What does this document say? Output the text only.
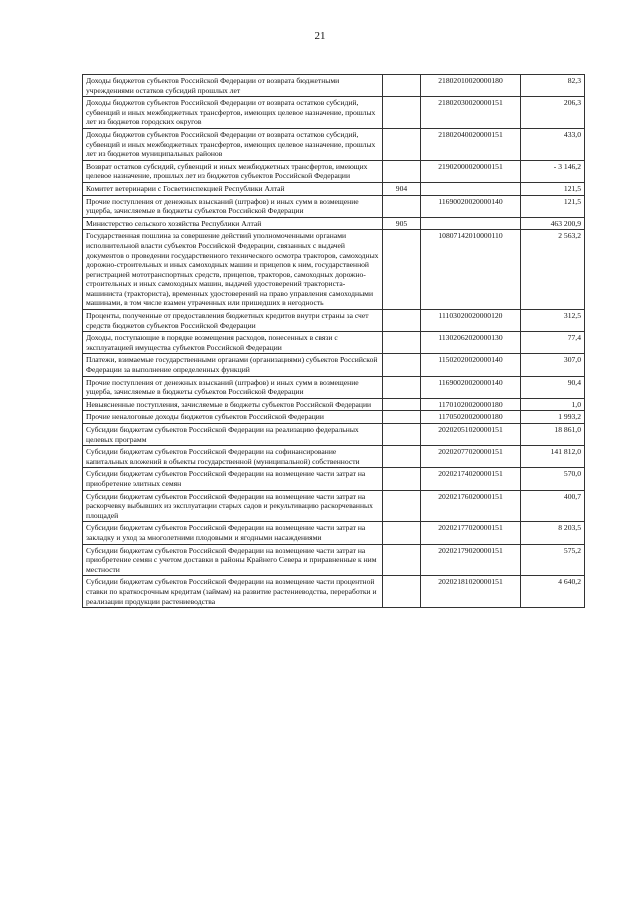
21
Доходы бюджетов субъектов Российской Федерации от возврата бюджетными учреждениями остатков субсидий прошлых лет		21802010020000180	82,3
Доходы бюджетов субъектов Российской Федерации от возврата остатков субсидий, субвенций и иных межбюджетных трансфертов, имеющих целевое назначение, прошлых лет из бюджетов городских округов		21802030020000151	206,3
Доходы бюджетов субъектов Российской Федерации от возврата остатков субсидий, субвенций и иных межбюджетных трансфертов, имеющих целевое назначение, прошлых лет из бюджетов муниципальных районов		21802040020000151	433,0
Возврат остатков субсидий, субвенций и иных межбюджетных трансфертов, имеющих целевое назначение, прошлых лет из бюджетов субъектов Российской Федерации		21902000020000151	- 3 146,2
Комитет ветеринарии с Госветинспекцией Республики Алтай	904		121,5
Прочие поступления от денежных взысканий (штрафов) и иных сумм в возмещение ущерба, зачисляемые в бюджеты субъектов Российской Федерации		11690020020000140	121,5
Министерство сельского хозяйства Республики Алтай	905		463 200,9
Государственная пошлина за совершение действий уполномоченными органами исполнительной власти субъектов Российской Федерации, связанных с выдачей документов о проведении государственного технического осмотра тракторов, самоходных дорожно-строительных и иных самоходных машин и прицепов к ним, государственной регистрацией мототранспортных средств, прицепов, тракторов, самоходных дорожно-строительных и иных самоходных машин, выдачей удостоверений тракториста-машиниста (тракториста), временных удостоверений на право управления самоходными машинами, в том числе взамен утраченных или пришедших в негодность		10807142010000110	2 563,2
Проценты, полученные от предоставления бюджетных кредитов внутри страны за счет средств бюджетов субъектов Российской Федерации		11103020020000120	312,5
Доходы, поступающие в порядке возмещения расходов, понесенных в связи с эксплуатацией имущества субъектов Российской Федерации		11302062020000130	77,4
Платежи, взимаемые государственными органами (организациями) субъектов Российской Федерации за выполнение определенных функций		11502020020000140	307,0
Прочие поступления от денежных взысканий (штрафов) и иных сумм в возмещение ущерба, зачисляемые в бюджеты субъектов Российской Федерации		11690020020000140	90,4
Невыясненные поступления, зачисляемые в бюджеты субъектов Российской Федерации		11701020020000180	1,0
Прочие неналоговые доходы бюджетов субъектов Российской Федерации		11705020020000180	1 993,2
Субсидии бюджетам субъектов Российской Федерации на реализацию федеральных целевых программ		20202051020000151	18 861,0
Субсидии бюджетам субъектов Российской Федерации на софинансирование капитальных вложений в объекты государственной (муниципальной) собственности		20202077020000151	141 812,0
Субсидии бюджетам субъектов Российской Федерации на возмещение части затрат на приобретение элитных семян		20202174020000151	570,0
Субсидии бюджетам субъектов Российской Федерации на возмещение части затрат на раскорчевку выбывших из эксплуатации старых садов и рекультивацию раскорчеванных площадей		20202176020000151	400,7
Субсидии бюджетам субъектов Российской Федерации на возмещение части затрат на закладку и уход за многолетними плодовыми и ягодными насаждениями		20202177020000151	8 203,5
Субсидии бюджетам субъектов Российской Федерации на возмещение части затрат на приобретение семян с учетом доставки в районы Крайнего Севера и приравненные к ним местности		20202179020000151	575,2
Субсидии бюджетам субъектов Российской Федерации на возмещение части процентной ставки по краткосрочным кредитам (займам) на развитие растениеводства, переработки и реализации продукции растениеводства		20202181020000151	4 640,2
